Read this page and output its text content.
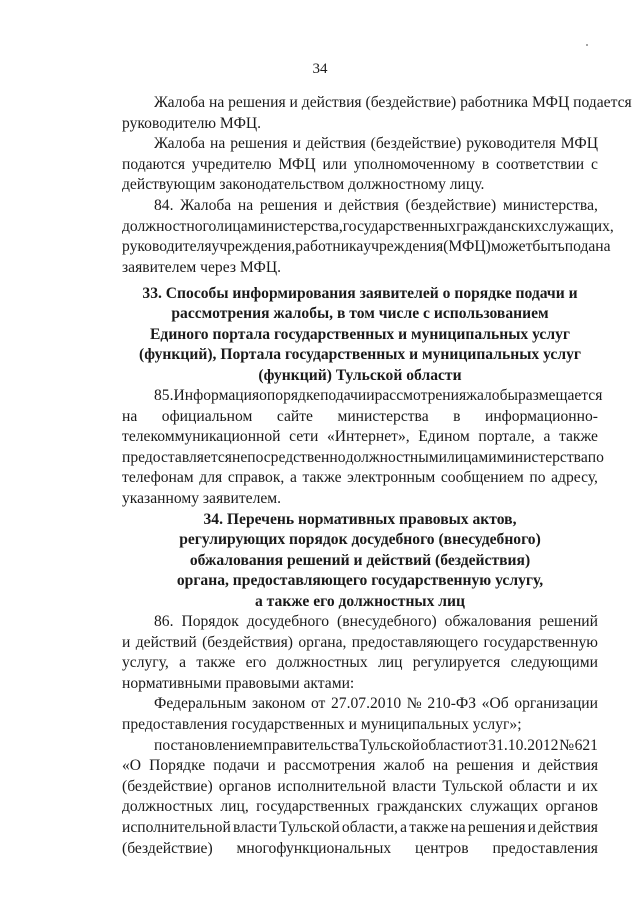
34
Жалоба на решения и действия (бездействие) работника МФЦ подается
руководителю МФЦ.
Жалоба на решения и действия (бездействие) руководителя МФЦ
подаются учредителю МФЦ или уполномоченному в соответствии с
действующим законодательством должностному лицу.
84. Жалоба на решения и действия (бездействие) министерства,
должностного лица министерства, государственных гражданских служащих,
руководителя учреждения, работника учреждения (МФЦ) может быть подана
заявителем через МФЦ.
33. Способы информирования заявителей о порядке подачи и
рассмотрения жалобы, в том числе с использованием
Единого портала государственных и муниципальных услуг
(функций), Портала государственных и муниципальных услуг
(функций) Тульской области
85. Информация о порядке подачи и рассмотрения жалобы размещается
на официальном сайте министерства в информационно-
телекоммуникационной сети «Интернет», Едином портале, а также
предоставляется непосредственно должностными лицами министерства по
телефонам для справок, а также электронным сообщением по адресу,
указанному заявителем.
34. Перечень нормативных правовых актов,
регулирующих порядок досудебного (внесудебного)
обжалования решений и действий (бездействия)
органа, предоставляющего государственную услугу,
а также его должностных лиц
86. Порядок досудебного (внесудебного) обжалования решений
и действий (бездействия) органа, предоставляющего государственную
услугу, а также его должностных лиц регулируется следующими
нормативными правовыми актами:
Федеральным законом от 27.07.2010 № 210-ФЗ «Об организации
предоставления государственных и муниципальных услуг»;
постановлением правительства Тульской области от 31.10.2012 № 621
«О Порядке подачи и рассмотрения жалоб на решения и действия
(бездействие) органов исполнительной власти Тульской области и их
должностных лиц, государственных гражданских служащих органов
исполнительной власти Тульской области, а также на решения и действия
(бездействие) многофункциональных центров предоставления
